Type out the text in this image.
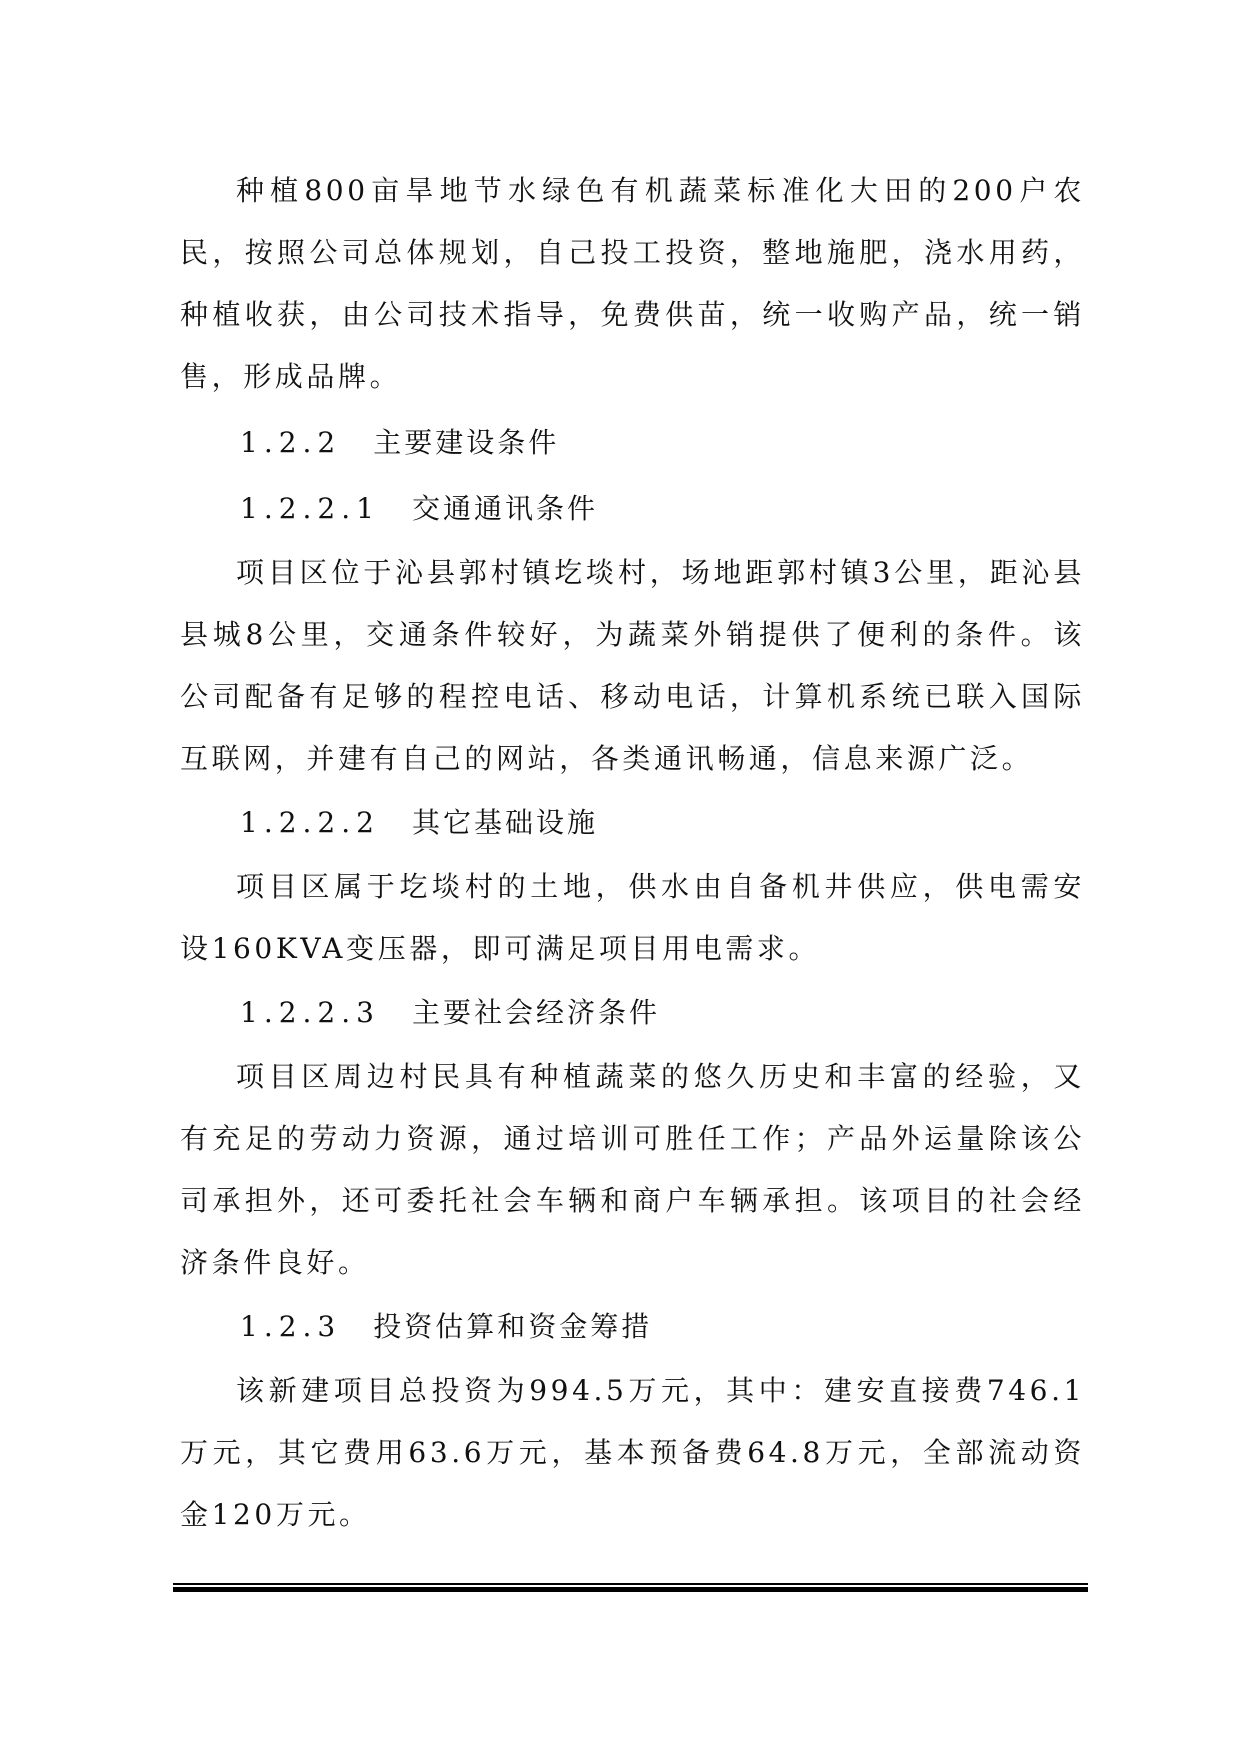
种植800亩旱地节水绿色有机蔬菜标准化大田的200户农民，按照公司总体规划，自己投工投资，整地施肥，浇水用药，种植收获，由公司技术指导，免费供苗，统一收购产品，统一销售，形成品牌。

1.2.2 主要建设条件

1.2.2.1 交通通讯条件

项目区位于沁县郭村镇圪埮村，场地距郭村镇3公里，距沁县县城8公里，交通条件较好，为蔬菜外销提供了便利的条件。该公司配备有足够的程控电话、移动电话，计算机系统已联入国际互联网，并建有自己的网站，各类通讯畅通，信息来源广泛。

1.2.2.2 其它基础设施

项目区属于圪埮村的土地，供水由自备机井供应，供电需安设160KVA变压器，即可满足项目用电需求。

1.2.2.3 主要社会经济条件

项目区周边村民具有种植蔬菜的悠久历史和丰富的经验，又有充足的劳动力资源，通过培训可胜任工作；产品外运量除该公司承担外，还可委托社会车辆和商户车辆承担。该项目的社会经济条件良好。

1.2.3 投资估算和资金筹措

该新建项目总投资为994.5万元，其中：建安直接费746.1万元，其它费用63.6万元，基本预备费64.8万元，全部流动资金120万元。
